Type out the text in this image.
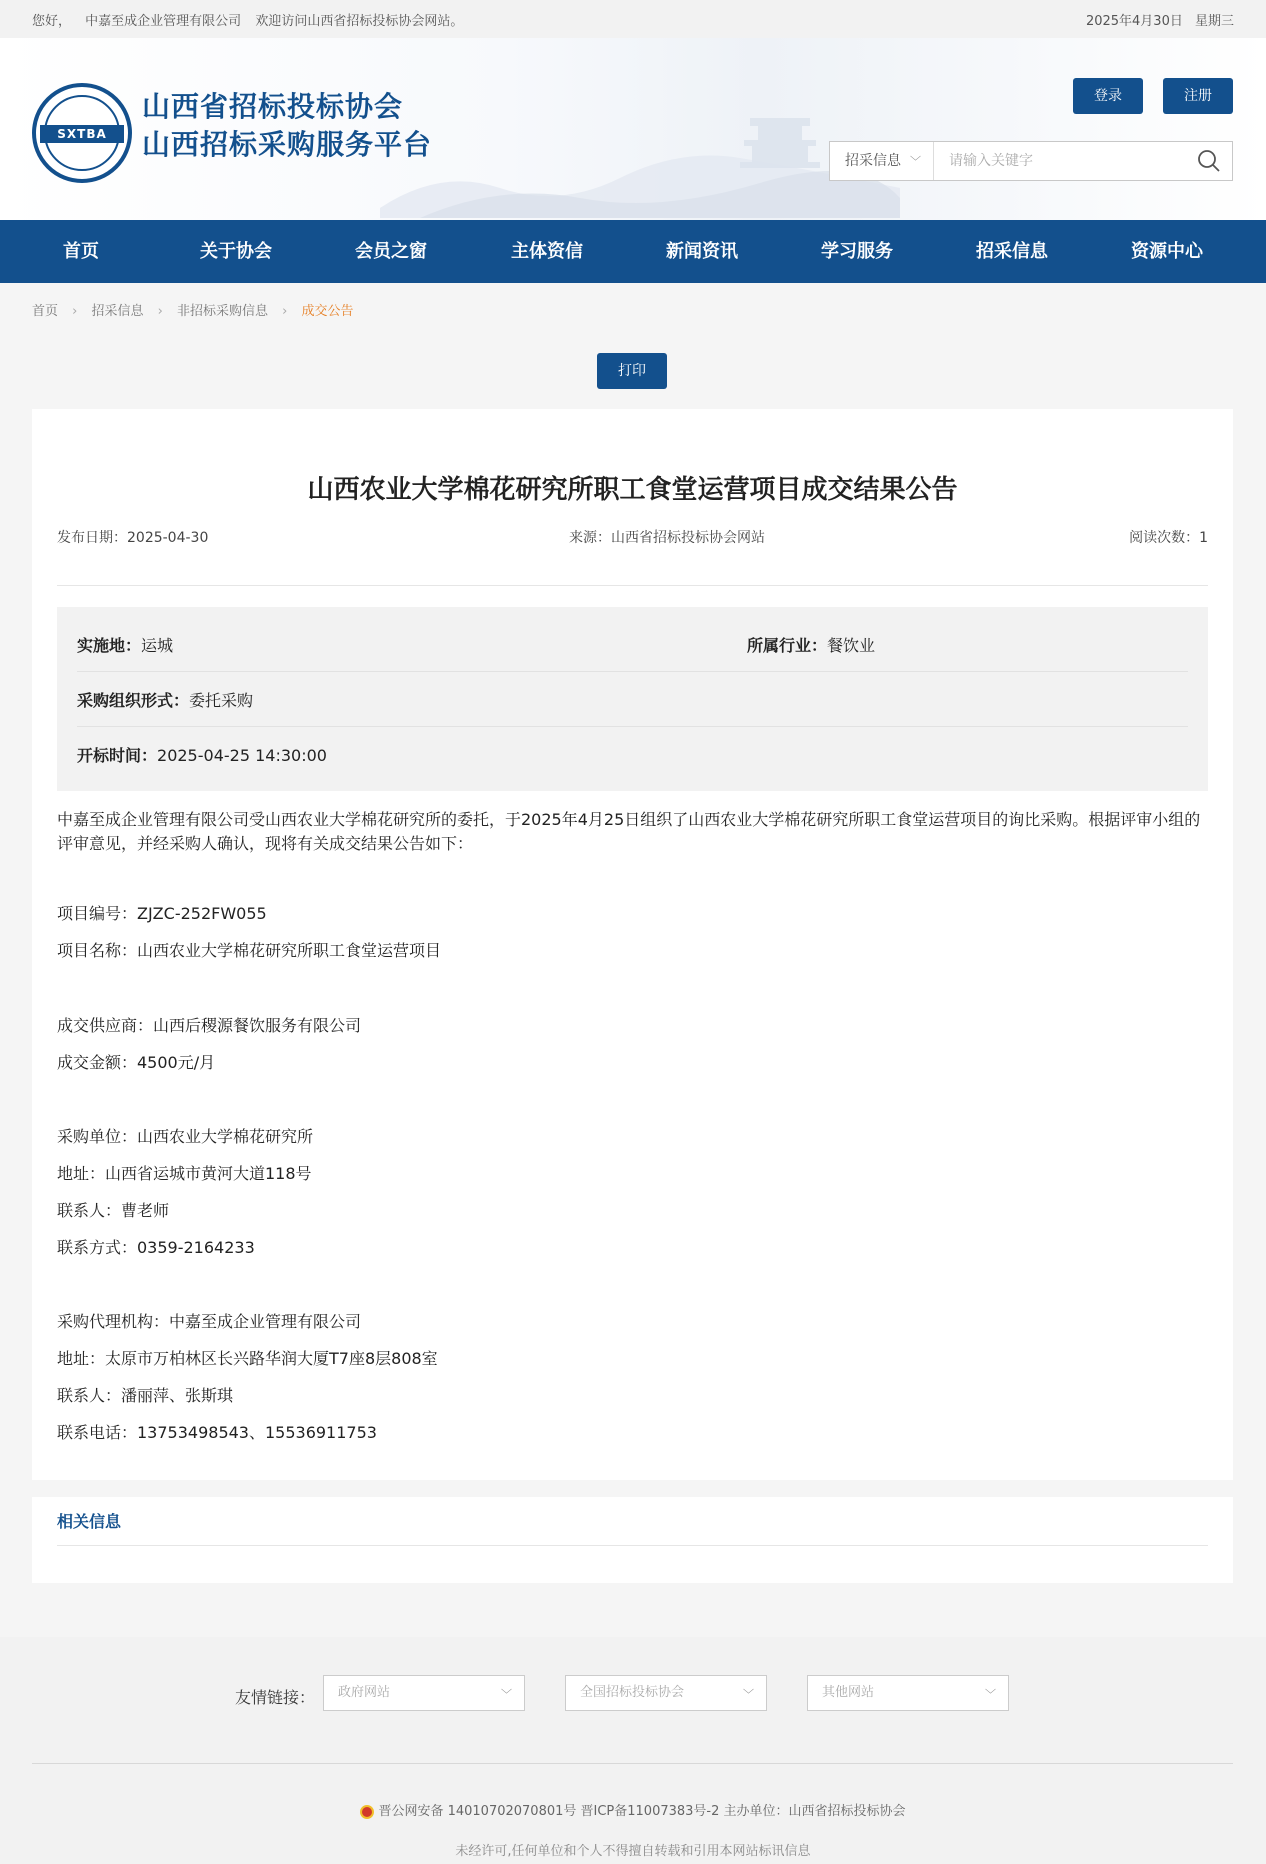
您好， 中嘉至成企业管理有限公司 欢迎访问山西省招标投标协会网站。	2025年4月30日 星期三
SXTBA
山西省招标投标协会
山西招标采购服务平台
登录	注册
招采信息 ﹀
请输入关键字
首页	关于协会	会员之窗	主体资信	新闻资讯	学习服务	招采信息	资源中心
首页 › 招采信息 › 非招标采购信息 › 成交公告
打印
山西农业大学棉花研究所职工食堂运营项目成交结果公告
发布日期：2025-04-30	来源：山西省招标投标协会网站	阅读次数：1
实施地：运城	所属行业：餐饮业
采购组织形式：委托采购
开标时间：2025-04-25 14:30:00
中嘉至成企业管理有限公司受山西农业大学棉花研究所的委托，于2025年4月25日组织了山西农业大学棉花研究所职工食堂运营项目的询比采购。根据评审小组的
评审意见，并经采购人确认，现将有关成交结果公告如下：
项目编号：ZJZC-252FW055
项目名称：山西农业大学棉花研究所职工食堂运营项目
成交供应商：山西后稷源餐饮服务有限公司
成交金额：4500元/月
采购单位：山西农业大学棉花研究所
地址：山西省运城市黄河大道118号
联系人：曹老师
联系方式：0359-2164233
采购代理机构：中嘉至成企业管理有限公司
地址：太原市万柏林区长兴路华润大厦T7座8层808室
联系人：潘丽萍、张斯琪
联系电话：13753498543、15536911753
相关信息
友情链接：	政府网站	﹀	全国招标投标协会	﹀	其他网站	﹀
晋公网安备 14010702070801号 晋ICP备11007383号-2 主办单位：山西省招标投标协会
未经许可,任何单位和个人不得擅自转载和引用本网站标讯信息
